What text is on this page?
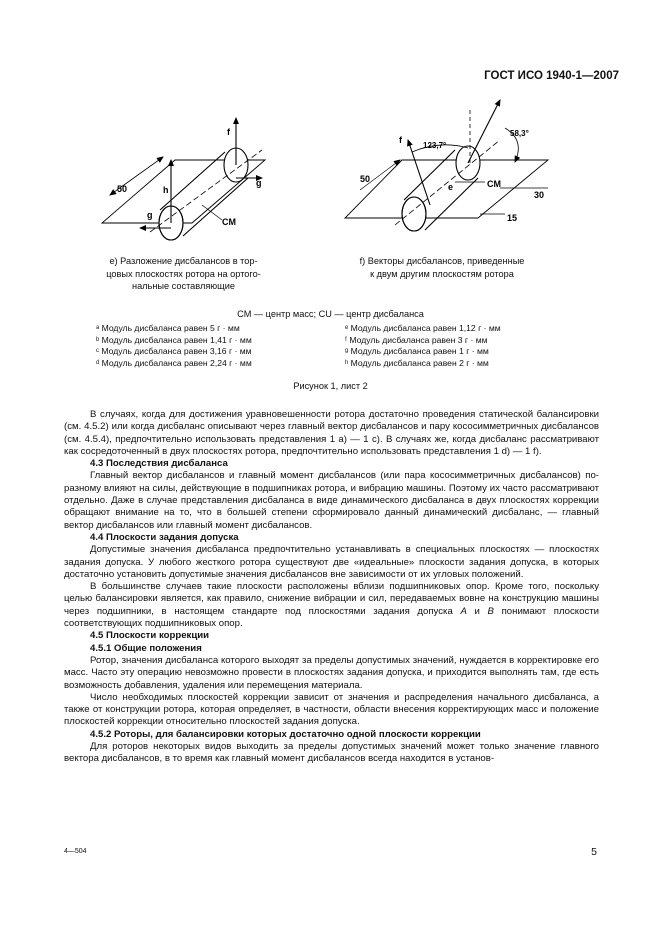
ГОСТ ИСО 1940-1—2007
f
g
h
g
50
CM
f
123,7°
58,3°
50
30
15
CM
e
e) Разложение дисбалансов в тор-
цовых плоскостях ротора на ортого-
нальные составляющие
f) Векторы дисбалансов, приведенные
к двум другим плоскостям ротора
CM — центр масс; CU — центр дисбаланса
ᵃ Модуль дисбаланса равен 5 г · мм
ᵇ Модуль дисбаланса равен 1,41 г · мм
ᶜ Модуль дисбаланса равен 3,16 г · мм
ᵈ Модуль дисбаланса равен 2,24 г · мм
ᵉ Модуль дисбаланса равен 1,12 г · мм
ᶠ Модуль дисбаланса равен 3 г · мм
ᵍ Модуль дисбаланса равен 1 г · мм
ʰ Модуль дисбаланса равен 2 г · мм
Рисунок 1, лист 2

В случаях, когда для достижения уравновешенности ротора достаточно проведения статической балансировки (см. 4.5.2) или когда дисбаланс описывают через главный вектор дисбалансов и пару кососимметричных дисбалансов (см. 4.5.4), предпочтительно использовать представления 1 а) — 1 с). В случаях же, когда дисбаланс рассматривают как сосредоточенный в двух плоскостях ротора, предпочтительно использовать представления 1 d) — 1 f).

4.3 Последствия дисбаланса

Главный вектор дисбалансов и главный момент дисбалансов (или пара кососимметричных дисбалансов) по-разному влияют на силы, действующие в подшипниках ротора, и вибрацию машины. Поэтому их часто рассматривают отдельно. Даже в случае представления дисбаланса в виде динамического дисбаланса в двух плоскостях коррекции обращают внимание на то, что в большей степени сформировало данный динамический дисбаланс, — главный вектор дисбалансов или главный момент дисбалансов.

4.4 Плоскости задания допуска

Допустимые значения дисбаланса предпочтительно устанавливать в специальных плоскостях — плоскостях задания допуска. У любого жесткого ротора существуют две «идеальные» плоскости задания допуска, в которых достаточно установить допустимые значения дисбалансов вне зависимости от их угловых положений.

В большинстве случаев такие плоскости расположены вблизи подшипниковых опор. Кроме того, поскольку целью балансировки является, как правило, снижение вибрации и сил, передаваемых вовне на конструкцию машины через подшипники, в настоящем стандарте под плоскостями задания допуска A и B понимают плоскости соответствующих подшипниковых опор.

4.5 Плоскости коррекции
4.5.1 Общие положения

Ротор, значения дисбаланса которого выходят за пределы допустимых значений, нуждается в корректировке его масс. Часто эту операцию невозможно провести в плоскостях задания допуска, и приходится выполнять там, где есть возможность добавления, удаления или перемещения материала.

Число необходимых плоскостей коррекции зависит от значения и распределения начального дисбаланса, а также от конструкции ротора, которая определяет, в частности, области внесения корректирующих масс и положение плоскостей коррекции относительно плоскостей задания допуска.

4.5.2 Роторы, для балансировки которых достаточно одной плоскости коррекции

Для роторов некоторых видов выходить за пределы допустимых значений может только значение главного вектора дисбалансов, в то время как главный момент дисбалансов всегда находится в установ-

4—504	5
